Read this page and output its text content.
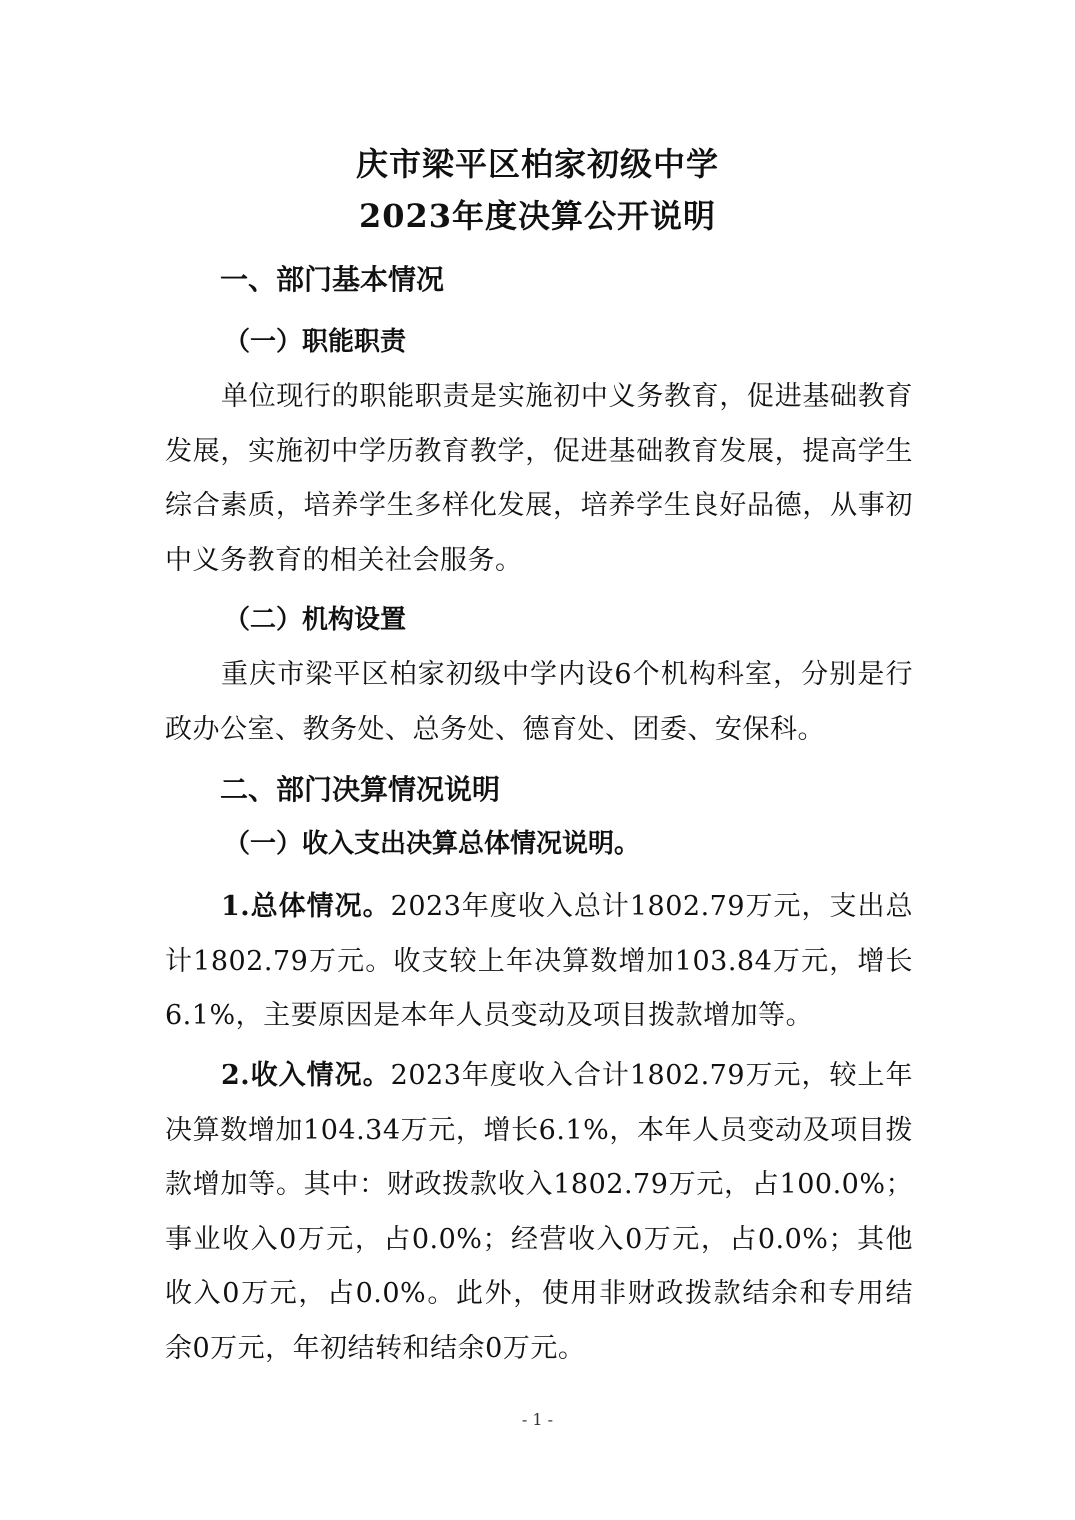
庆市梁平区柏家初级中学
2023年度决算公开说明
一、部门基本情况
（一）职能职责

单位现行的职能职责是实施初中义务教育，促进基础教育发展，实施初中学历教育教学，促进基础教育发展，提高学生综合素质，培养学生多样化发展，培养学生良好品德，从事初中义务教育的相关社会服务。

（二）机构设置

重庆市梁平区柏家初级中学内设6个机构科室，分别是行政办公室、教务处、总务处、德育处、团委、安保科。

二、部门决算情况说明
（一）收入支出决算总体情况说明。

1.总体情况。2023年度收入总计1802.79万元，支出总计1802.79万元。收支较上年决算数增加103.84万元，增长6.1%，主要原因是本年人员变动及项目拨款增加等。

2.收入情况。2023年度收入合计1802.79万元，较上年决算数增加104.34万元，增长6.1%，本年人员变动及项目拨款增加等。其中：财政拨款收入1802.79万元，占100.0%；事业收入0万元，占0.0%；经营收入0万元，占0.0%；其他收入0万元，占0.0%。此外，使用非财政拨款结余和专用结余0万元，年初结转和结余0万元。

- 1 -
